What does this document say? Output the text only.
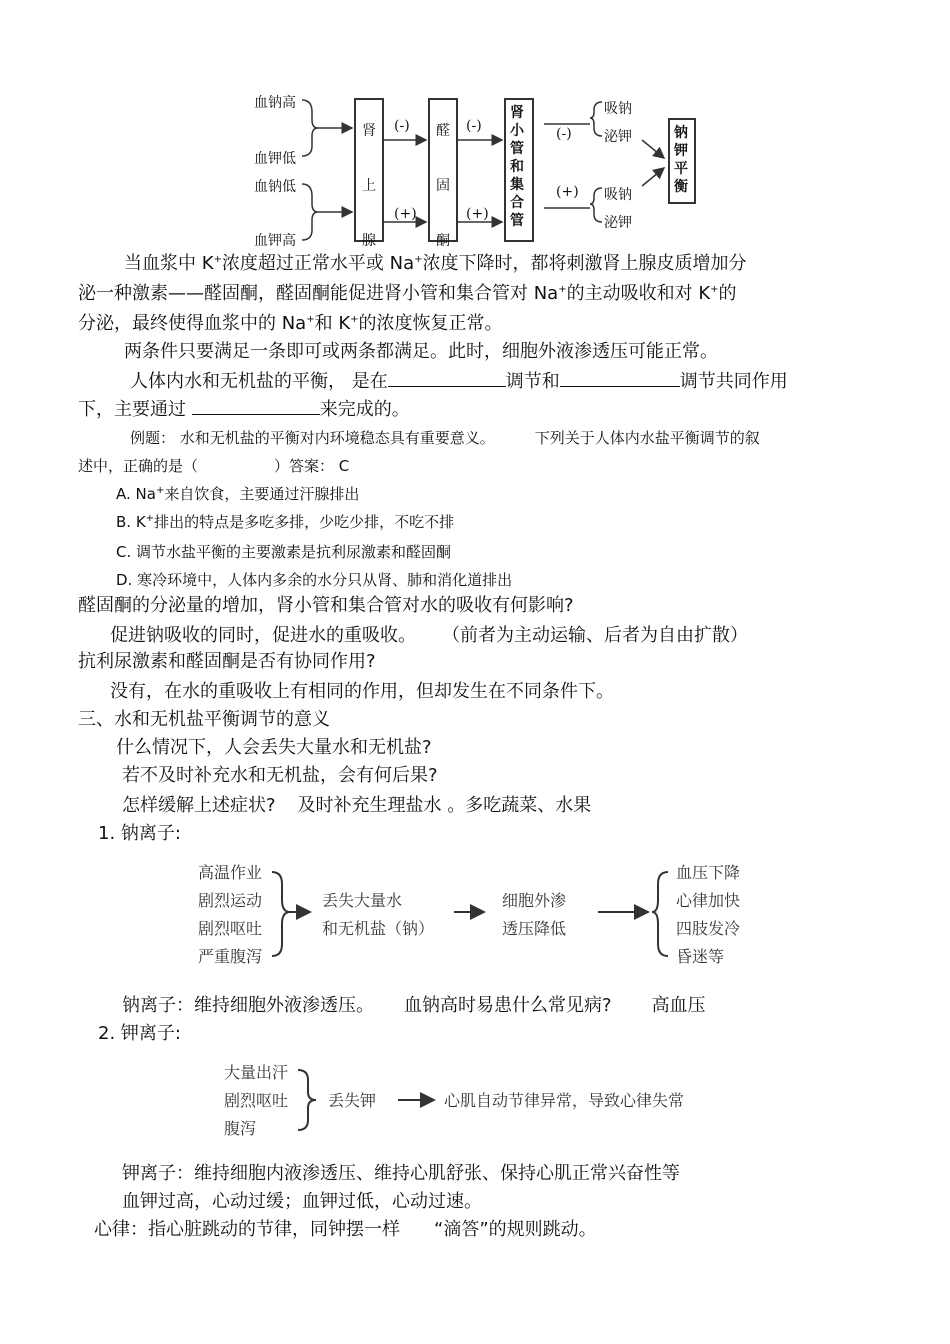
血钠高
血钾低
血钠低
血钾高
肾上腺
醛固酮
肾小管和集合管
钠钾平衡
(-)	(-)	(-)
(+)	(+)
(+)
吸钠
泌钾
吸钠
泌钾
当血浆中 K+浓度超过正常水平或 Na+浓度下降时，都将刺激肾上腺皮质增加分
泌一种激素——醛固酮，醛固酮能促进肾小管和集合管对 Na+的主动吸收和对 K+的
分泌，最终使得血浆中的 Na+和 K+的浓度恢复正常。
两条件只要满足一条即可或两条都满足。此时，细胞外液渗透压可能正常。
人体内水和无机盐的平衡， 是在	调节和	调节共同作用
下，主要通过	来完成的。
例题： 水和无机盐的平衡对内环境稳态具有重要意义。	下列关于人体内水盐平衡调节的叙
述中，正确的是（	）答案： C
A. Na+来自饮食，主要通过汗腺排出
B. K+排出的特点是多吃多排，少吃少排，不吃不排
C. 调节水盐平衡的主要激素是抗利尿激素和醛固酮
D. 寒冷环境中，人体内多余的水分只从肾、肺和消化道排出
醛固酮的分泌量的增加，肾小管和集合管对水的吸收有何影响?
促进钠吸收的同时，促进水的重吸收。 （前者为主动运输、后者为自由扩散）
抗利尿激素和醛固酮是否有协同作用?
没有，在水的重吸收上有相同的作用，但却发生在不同条件下。
三、水和无机盐平衡调节的意义
什么情况下，人会丢失大量水和无机盐?
若不及时补充水和无机盐，会有何后果?
怎样缓解上述症状? 及时补充生理盐水 。多吃蔬菜、水果
1. 钠离子:
高温作业
剧烈运动
剧烈呕吐
严重腹泻
丢失大量水
和无机盐（钠）
细胞外渗
透压降低
血压下降
心律加快
四肢发冷
昏迷等
钠离子：维持细胞外液渗透压。 血钠高时易患什么常见病? 高血压
2. 钾离子:
大量出汗
剧烈呕吐
腹泻
丢失钾	心肌自动节律异常，导致心律失常
钾离子：维持细胞内液渗透压、维持心肌舒张、保持心肌正常兴奋性等
血钾过高，心动过缓；血钾过低，心动过速。
心律：指心脏跳动的节律，同钟摆一样 “滴答”的规则跳动。
